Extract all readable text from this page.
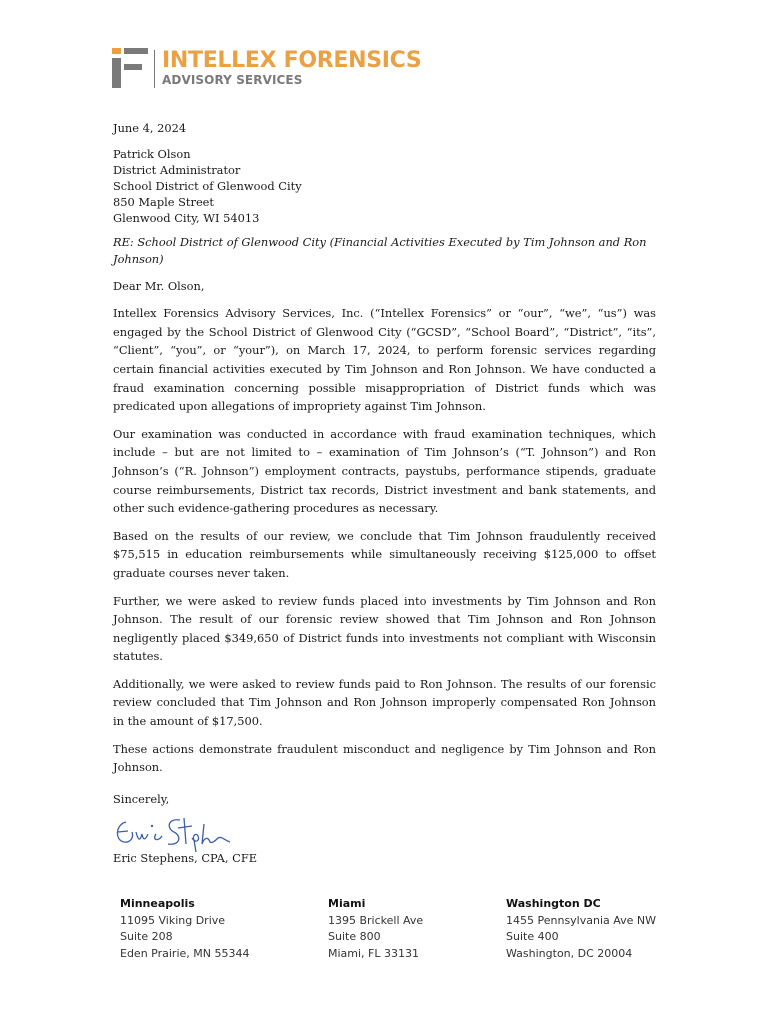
INTELLEX FORENSICS
ADVISORY SERVICES

June 4, 2024

Patrick Olson
District Administrator
School District of Glenwood City
850 Maple Street
Glenwood City, WI 54013

RE: School District of Glenwood City (Financial Activities Executed by Tim Johnson and Ron Johnson)

Dear Mr. Olson,

Intellex Forensics Advisory Services, Inc. (“Intellex Forensics” or “our”, “we”, “us”) was engaged by the School District of Glenwood City (“GCSD”, “School Board”, “District”, “its”, “Client”, “you”, or “your”), on March 17, 2024, to perform forensic services regarding certain financial activities executed by Tim Johnson and Ron Johnson. We have conducted a fraud examination concerning possible misappropriation of District funds which was predicated upon allegations of impropriety against Tim Johnson.

Our examination was conducted in accordance with fraud examination techniques, which include – but are not limited to – examination of Tim Johnson’s (“T. Johnson”) and Ron Johnson’s (“R. Johnson”) employment contracts, paystubs, performance stipends, graduate course reimbursements, District tax records, District investment and bank statements, and other such evidence-gathering procedures as necessary.

Based on the results of our review, we conclude that Tim Johnson fraudulently received $75,515 in education reimbursements while simultaneously receiving $125,000 to offset graduate courses never taken.

Further, we were asked to review funds placed into investments by Tim Johnson and Ron Johnson. The result of our forensic review showed that Tim Johnson and Ron Johnson negligently placed $349,650 of District funds into investments not compliant with Wisconsin statutes.

Additionally, we were asked to review funds paid to Ron Johnson. The results of our forensic review concluded that Tim Johnson and Ron Johnson improperly compensated Ron Johnson in the amount of $17,500.

These actions demonstrate fraudulent misconduct and negligence by Tim Johnson and Ron Johnson.

Sincerely,

Eric Stephens, CPA, CFE
Minneapolis
11095 Viking Drive
Suite 208
Eden Prairie, MN 55344
Miami
1395 Brickell Ave
Suite 800
Miami, FL 33131
Washington DC
1455 Pennsylvania Ave NW
Suite 400
Washington, DC 20004
